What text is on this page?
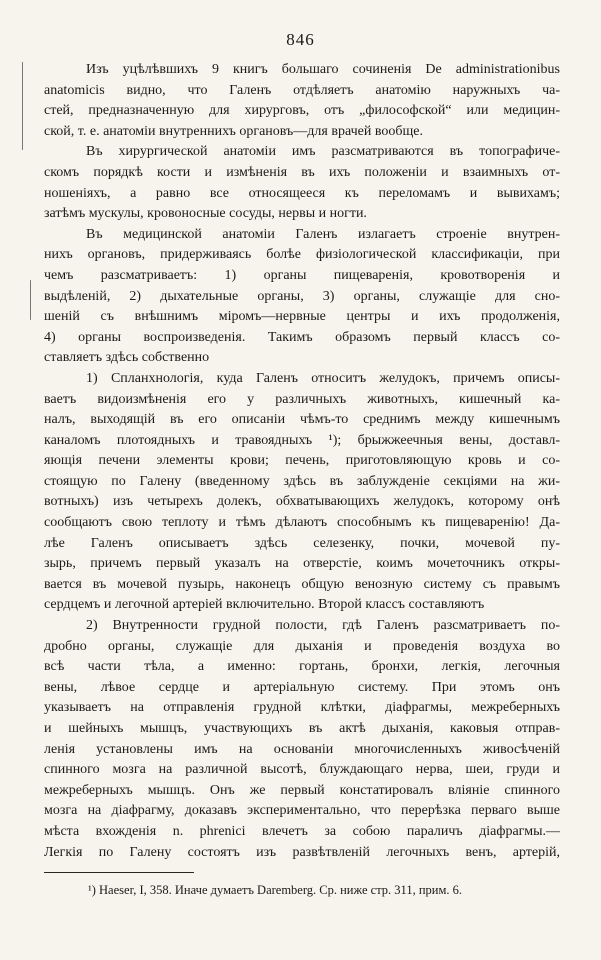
846
Изъ уцѣлѣвшихъ 9 книгъ большаго сочиненія De administrationibus
anatomicis видно, что Галенъ отдѣляетъ анатомію наружныхъ ча-
стей, предназначенную для хирурговъ, отъ „философской“ или медицин-
ской, т. е. анатоміи внутреннихъ органовъ—для врачей вообще.
Въ хирургической анатоміи имъ разсматриваются въ топографиче-
скомъ порядкѣ кости и измѣненія въ ихъ положеніи и взаимныхъ от-
ношеніяхъ, а равно все относящееся къ переломамъ и вывихамъ;
затѣмъ мускулы, кровоносные сосуды, нервы и ногти.
Въ медицинской анатоміи Галенъ излагаетъ строеніе внутрен-
нихъ органовъ, придерживаясь болѣе физіологической классификаціи, при
чемъ разсматриваетъ: 1) органы пищеваренія, кровотворенія и
выдѣленій, 2) дыхательные органы, 3) органы, служащіе для сно-
шеній съ внѣшнимъ міромъ—нервные центры и ихъ продолженія,
4) органы воспроизведенія. Такимъ образомъ первый классъ со-
ставляетъ здѣсь собственно
1) Спланхнологія, куда Галенъ относитъ желудокъ, причемъ описы-
ваетъ видоизмѣненія его у различныхъ животныхъ, кишечный ка-
налъ, выходящій въ его описаніи чѣмъ-то среднимъ между кишечнымъ
каналомъ плотоядныхъ и травоядныхъ ¹); брыжжеечныя вены, доставл-
яющія печени элементы крови; печень, приготовляющую кровь и со-
стоящую по Галену (введенному здѣсь въ заблужденіе секціями на жи-
вотныхъ) изъ четырехъ долекъ, обхватывающихъ желудокъ, которому онѣ
сообщаютъ свою теплоту и тѣмъ дѣлаютъ способнымъ къ пищеваренію! Да-
лѣе Галенъ описываетъ здѣсь селезенку, почки, мочевой пу-
зырь, причемъ первый указалъ на отверстіе, коимъ мочеточникъ откры-
вается въ мочевой пузырь, наконецъ общую венозную систему съ правымъ
сердцемъ и легочной артеріей включительно. Второй классъ составляютъ
2) Внутренности грудной полости, гдѣ Галенъ разсматриваетъ по-
дробно органы, служащіе для дыханія и проведенія воздуха во
всѣ части тѣла, а именно: гортань, бронхи, легкія, легочныя
вены, лѣвое сердце и артеріальную систему. При этомъ онъ
указываетъ на отправленія грудной клѣтки, діафрагмы, межреберныхъ
и шейныхъ мышцъ, участвующихъ въ актѣ дыханія, каковыя отправ-
ленія установлены имъ на основаніи многочисленныхъ живосѣченій
спинного мозга на различной высотѣ, блуждающаго нерва, шеи, груди и
межреберныхъ мышцъ. Онъ же первый констатировалъ вліяніе спинного
мозга на діафрагму, доказавъ экспериментально, что перерѣзка перваго выше
мѣста вхожденія n. phrenici влечетъ за собою параличъ діафрагмы.—
Легкія по Галену состоятъ изъ развѣтвленій легочныхъ венъ, артерій,
¹) Haeser, I, 358. Иначе думаетъ Daremberg. Ср. ниже стр. 311, прим. 6.
